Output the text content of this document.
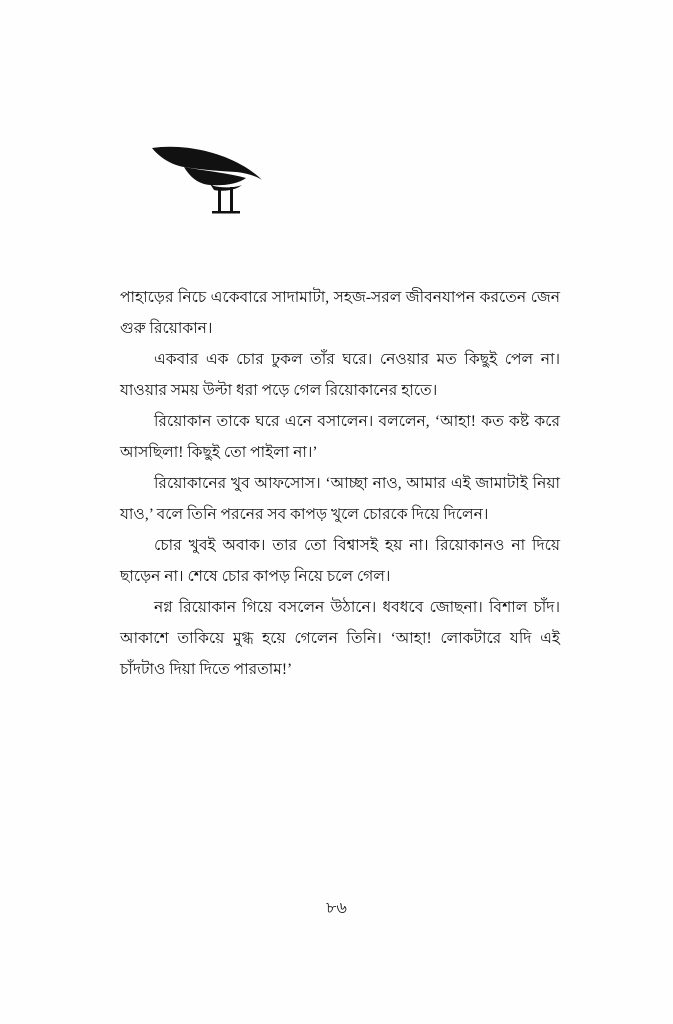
পাহাড়ের নিচে একেবারে সাদামাটা, সহজ-সরল জীবনযাপন করতেন জেন গুরু রিয়োকান।

একবার এক চোর ঢুকল তাঁর ঘরে। নেওয়ার মত কিছুই পেল না। যাওয়ার সময় উল্টা ধরা পড়ে গেল রিয়োকানের হাতে।

রিয়োকান তাকে ঘরে এনে বসালেন। বললেন, ‘আহা! কত কষ্ট করে আসছিলা! কিছুই তো পাইলা না।’

রিয়োকানের খুব আফসোস। ‘আচ্ছা নাও, আমার এই জামাটাই নিয়া যাও,’ বলে তিনি পরনের সব কাপড় খুলে চোরকে দিয়ে দিলেন।

চোর খুবই অবাক। তার তো বিশ্বাসই হয় না। রিয়োকানও না দিয়ে ছাড়েন না। শেষে চোর কাপড় নিয়ে চলে গেল।

নগ্ন রিয়োকান গিয়ে বসলেন উঠানে। ধবধবে জোছনা। বিশাল চাঁদ। আকাশে তাকিয়ে মুগ্ধ হয়ে গেলেন তিনি। ‘আহা! লোকটারে যদি এই চাঁদটাও দিয়া দিতে পারতাম!’

৮৬
